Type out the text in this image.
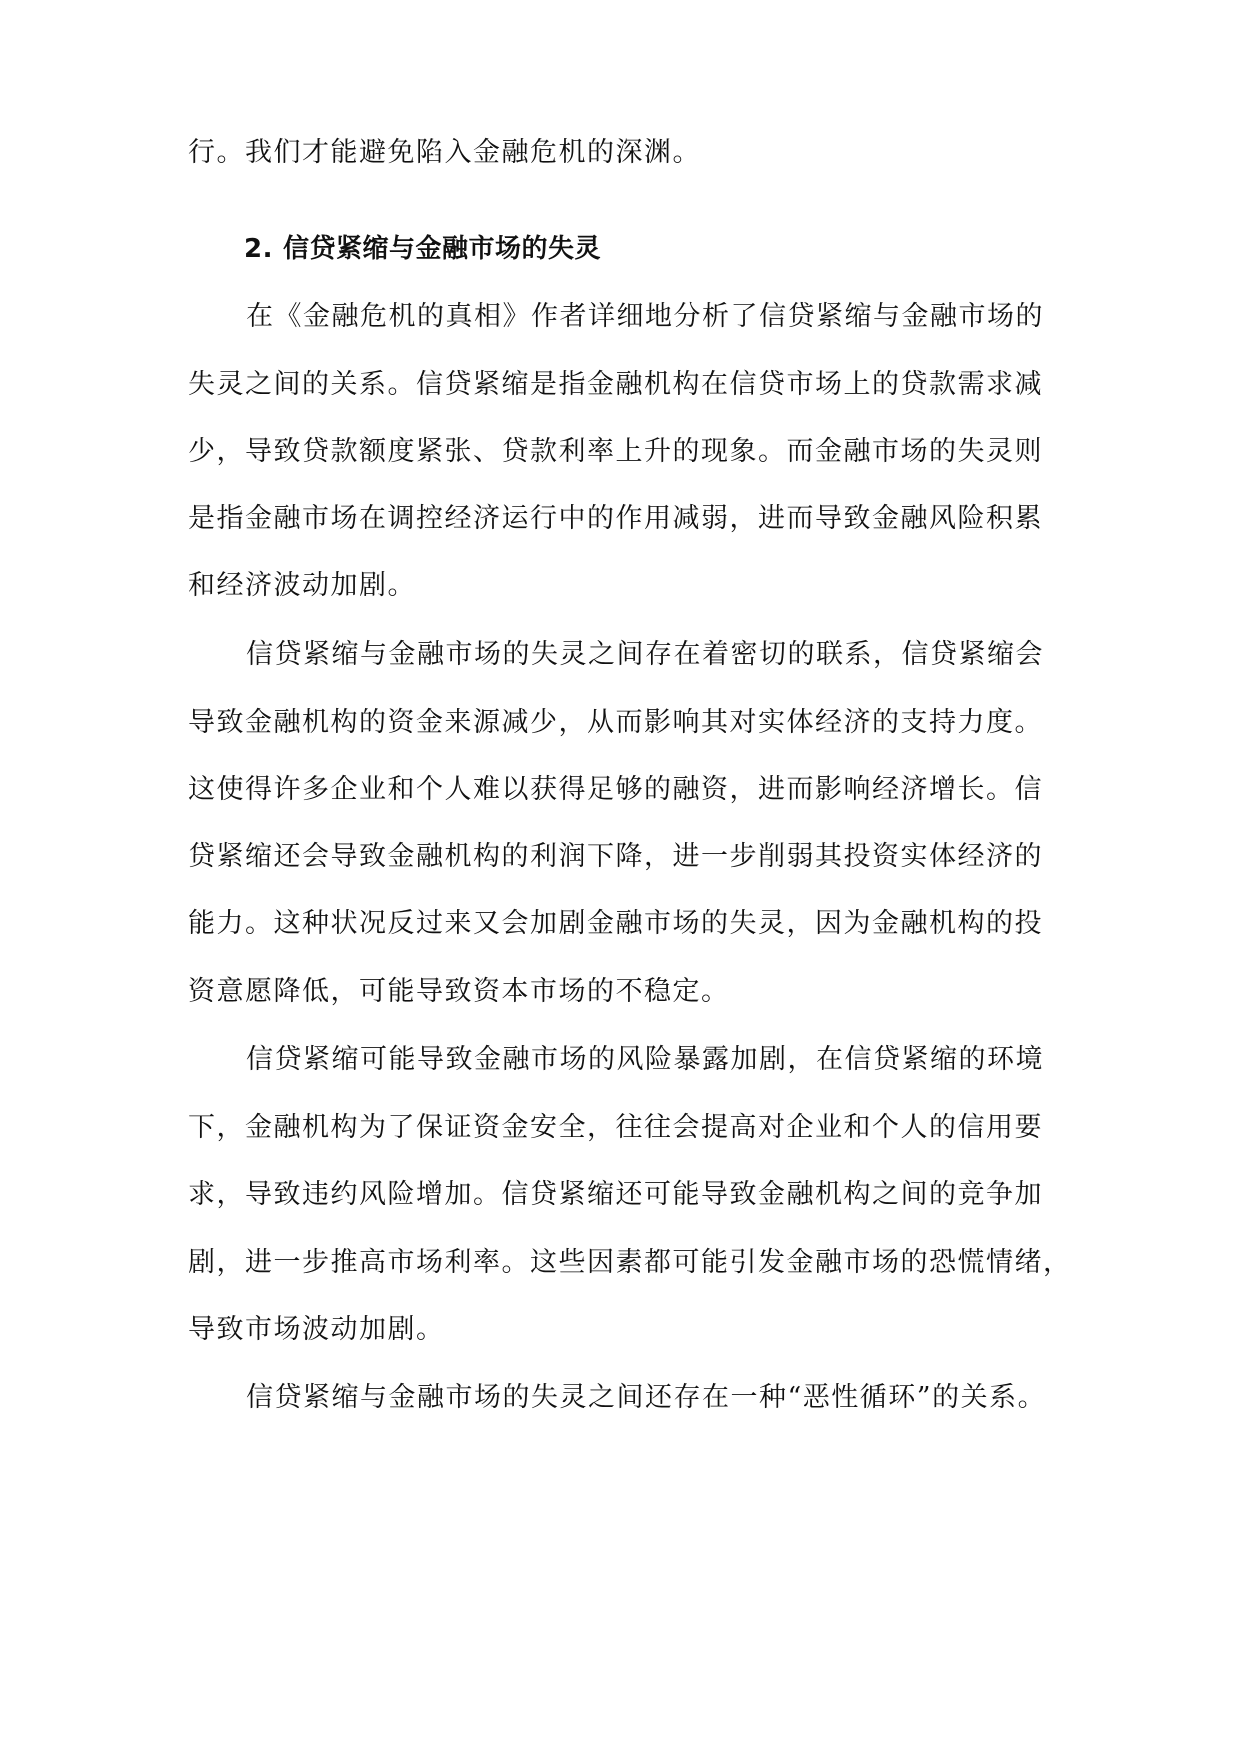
行。我们才能避免陷入金融危机的深渊。
2. 信贷紧缩与金融市场的失灵
在《金融危机的真相》作者详细地分析了信贷紧缩与金融市场的
失灵之间的关系。信贷紧缩是指金融机构在信贷市场上的贷款需求减
少，导致贷款额度紧张、贷款利率上升的现象。而金融市场的失灵则
是指金融市场在调控经济运行中的作用减弱，进而导致金融风险积累
和经济波动加剧。
信贷紧缩与金融市场的失灵之间存在着密切的联系，信贷紧缩会
导致金融机构的资金来源减少，从而影响其对实体经济的支持力度。
这使得许多企业和个人难以获得足够的融资，进而影响经济增长。信
贷紧缩还会导致金融机构的利润下降，进一步削弱其投资实体经济的
能力。这种状况反过来又会加剧金融市场的失灵，因为金融机构的投
资意愿降低，可能导致资本市场的不稳定。
信贷紧缩可能导致金融市场的风险暴露加剧，在信贷紧缩的环境
下，金融机构为了保证资金安全，往往会提高对企业和个人的信用要
求，导致违约风险增加。信贷紧缩还可能导致金融机构之间的竞争加
剧，进一步推高市场利率。这些因素都可能引发金融市场的恐慌情绪，
导致市场波动加剧。
信贷紧缩与金融市场的失灵之间还存在一种“恶性循环”的关系。
